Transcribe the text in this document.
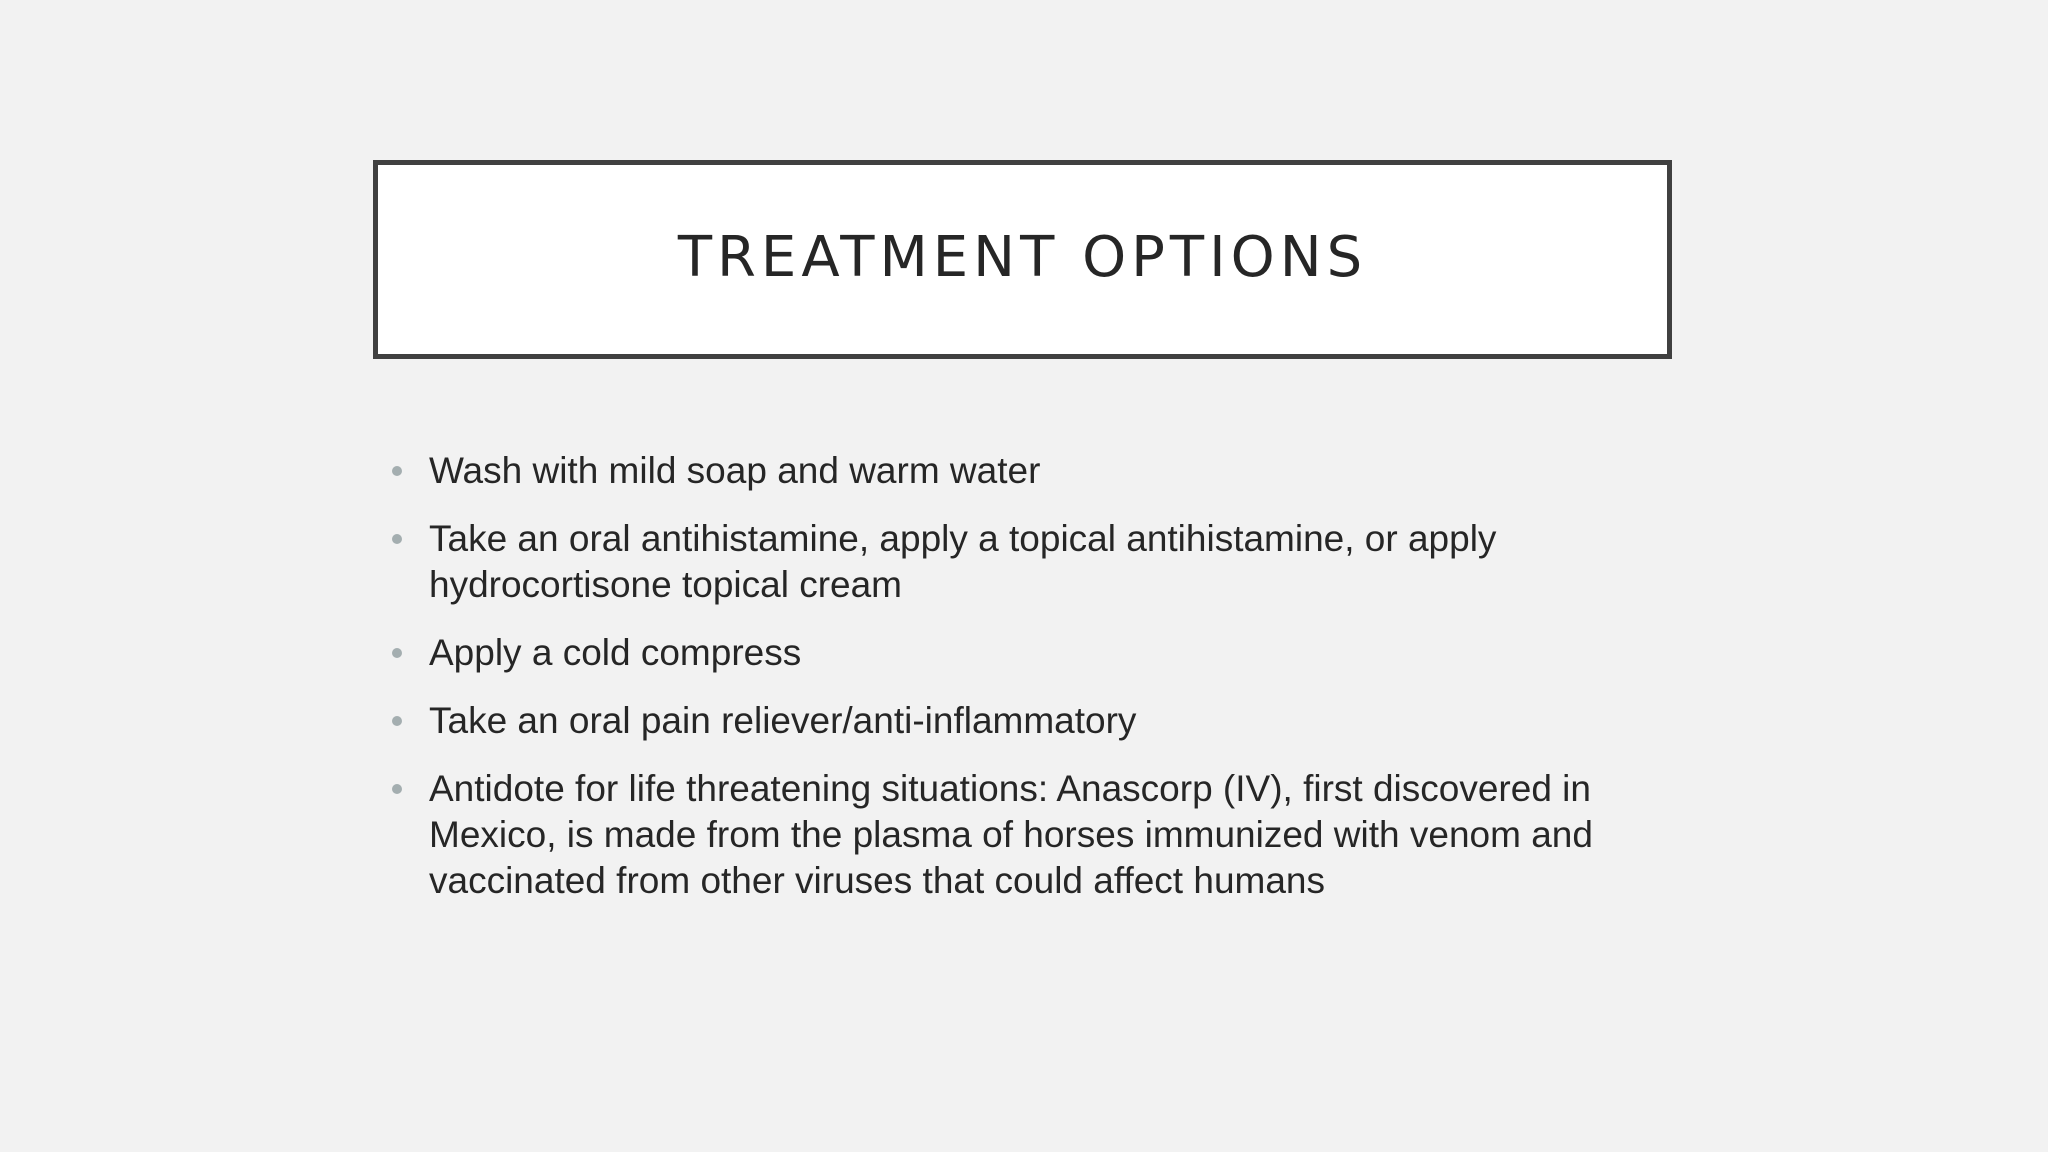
TREATMENT OPTIONS
Wash with mild soap and warm water
Take an oral antihistamine, apply a topical antihistamine, or apply hydrocortisone topical cream
Apply a cold compress
Take an oral pain reliever/anti-inflammatory
Antidote for life threatening situations: Anascorp (IV), first discovered in Mexico, is made from the plasma of horses immunized with venom and vaccinated from other viruses that could affect humans
